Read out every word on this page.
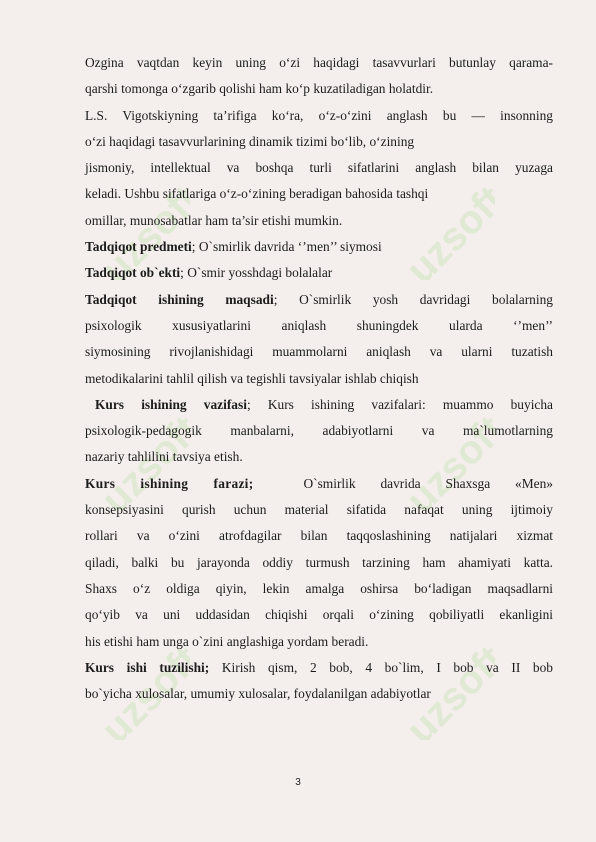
uzsoft	uzsoft
uzsoft	uzsoft
uzsoft	uzsoft

Ozgina vaqtdan keyin uning o‘zi haqidagi tasavvurlari butunlay qarama-

qarshi tomonga o‘zgarib qolishi ham ko‘p kuzatiladigan holatdir.

L.S. Vigotskiyning ta’rifiga ko‘ra, o‘z-o‘zini anglash bu — insonning

o‘zi haqidagi tasavvurlarining dinamik tizimi bo‘lib, o‘zining

jismoniy, intellektual va boshqa turli sifatlarini anglash bilan yuzaga

keladi. Ushbu sifatlariga o‘z-o‘zining beradigan bahosida tashqi

omillar, munosabatlar ham ta’sir etishi mumkin.

Tadqiqot predmeti; O`smirlik davrida ‘’men’’ siymosi

Tadqiqot ob`ekti; O`smir yosshdagi bolalalar

Tadqiqot ishining maqsadi; O`smirlik yosh davridagi bolalarning

psixologik xususiyatlarini aniqlash shuningdek ularda ‘’men’’

siymosining rivojlanishidagi muammolarni aniqlash va ularni tuzatish

metodikalarini tahlil qilish va tegishli tavsiyalar ishlab chiqish

Kurs ishining vazifasi; Kurs ishining vazifalari: muammo buyicha

psixologik-pedagogik manbalarni, adabiyotlarni va ma`lumotlarning

nazariy tahlilini tavsiya etish.

Kurs ishining farazi;	O`smirlik davrida Shaxsga «Men»

konsepsiyasini qurish uchun material sifatida nafaqat uning ijtimoiy

rollari va o‘zini atrofdagilar bilan taqqoslashining natijalari xizmat

qiladi, balki bu jarayonda oddiy turmush tarzining ham ahamiyati katta.

Shaxs o‘z oldiga qiyin, lekin amalga oshirsa bo‘ladigan maqsadlarni

qo‘yib va uni uddasidan chiqishi orqali o‘zining qobiliyatli ekanligini

his etishi ham unga o`zini anglashiga yordam beradi.

Kurs ishi tuzilishi; Kirish qism, 2 bob, 4 bo`lim, I bob va II bob

bo`yicha xulosalar, umumiy xulosalar, foydalanilgan adabiyotlar

3
